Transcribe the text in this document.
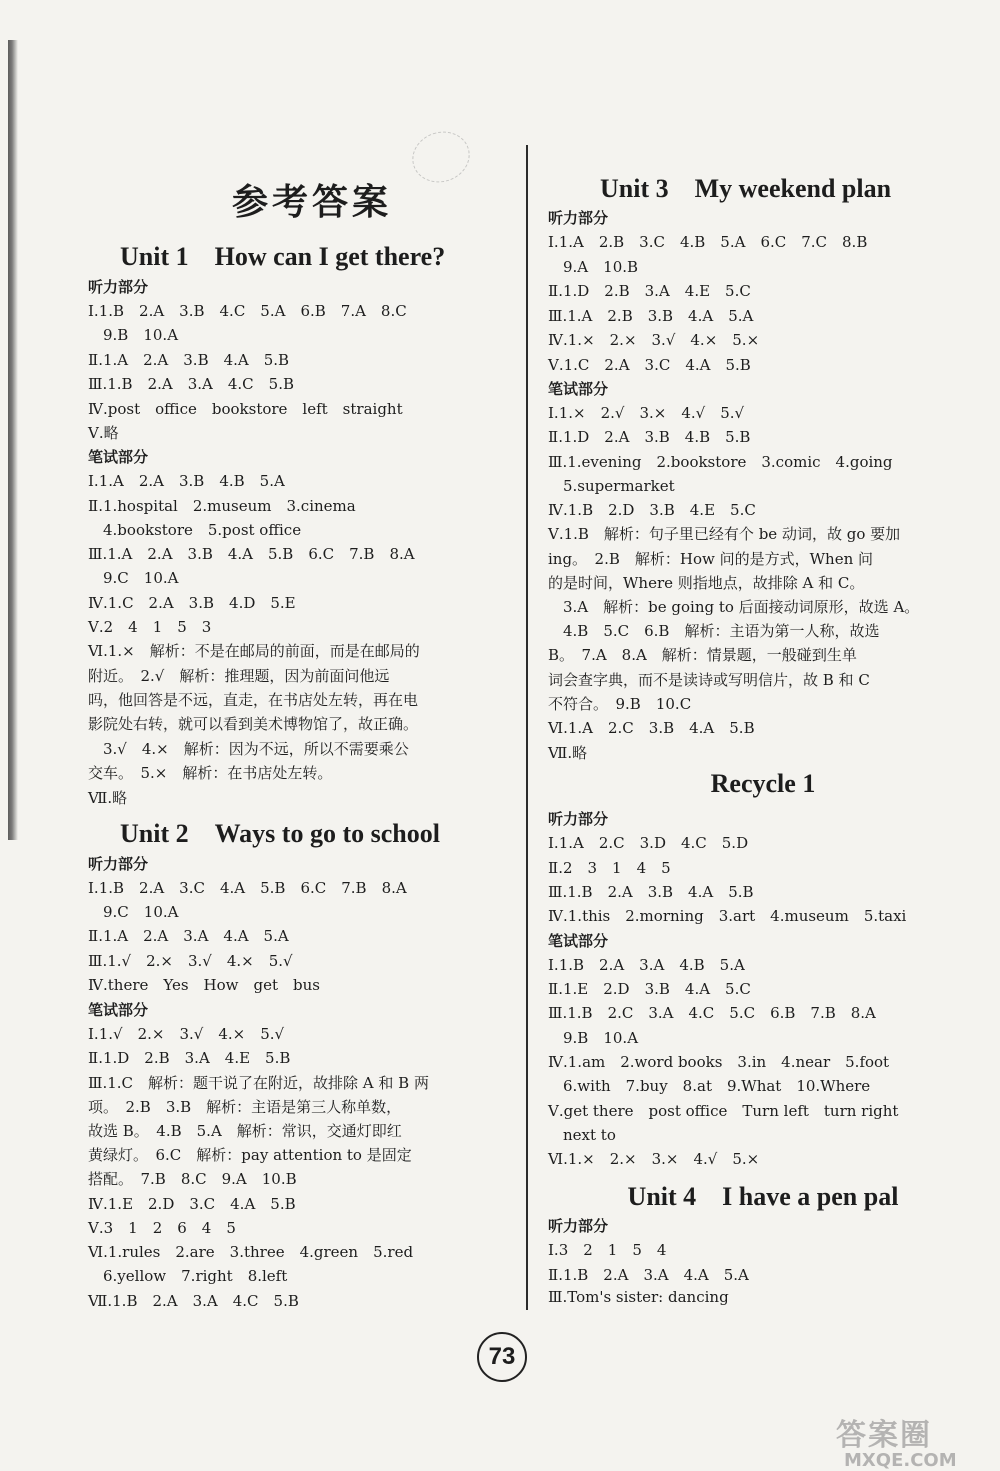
参考答案
Unit 1　How can I get there?
听力部分
Ⅰ.1.B　2.A　3.B　4.C　5.A　6.B　7.A　8.C
　9.B　10.A
Ⅱ.1.A　2.A　3.B　4.A　5.B
Ⅲ.1.B　2.A　3.A　4.C　5.B
Ⅳ.post　office　bookstore　left　straight
Ⅴ.略
笔试部分
Ⅰ.1.A　2.A　3.B　4.B　5.A
Ⅱ.1.hospital　2.museum　3.cinema
　4.bookstore　5.post office
Ⅲ.1.A　2.A　3.B　4.A　5.B　6.C　7.B　8.A
　9.C　10.A
Ⅳ.1.C　2.A　3.B　4.D　5.E
Ⅴ.2　4　1　5　3
Ⅵ.1.×　解析：不是在邮局的前面，而是在邮局的
附近。　2.√　解析：推理题，因为前面问他远
吗，他回答是不远，直走，在书店处左转，再在电
影院处右转，就可以看到美术博物馆了，故正确。
　3.√　4.×　解析：因为不远，所以不需要乘公
交车。　5.×　解析：在书店处左转。
Ⅶ.略
Unit 2　Ways to go to school
听力部分
Ⅰ.1.B　2.A　3.C　4.A　5.B　6.C　7.B　8.A
　9.C　10.A
Ⅱ.1.A　2.A　3.A　4.A　5.A
Ⅲ.1.√　2.×　3.√　4.×　5.√
Ⅳ.there　Yes　How　get　bus
笔试部分
Ⅰ.1.√　2.×　3.√　4.×　5.√
Ⅱ.1.D　2.B　3.A　4.E　5.B
Ⅲ.1.C　解析：题干说了在附近，故排除 A 和 B 两
项。　2.B　3.B　解析：主语是第三人称单数，
故选 B。　4.B　5.A　解析：常识，交通灯即红
黄绿灯。　6.C　解析：pay attention to 是固定
搭配。　7.B　8.C　9.A　10.B
Ⅳ.1.E　2.D　3.C　4.A　5.B
Ⅴ.3　1　2　6　4　5
Ⅵ.1.rules　2.are　3.three　4.green　5.red
　6.yellow　7.right　8.left
Ⅶ.1.B　2.A　3.A　4.C　5.B
Unit 3　My weekend plan
听力部分
Ⅰ.1.A　2.B　3.C　4.B　5.A　6.C　7.C　8.B
　9.A　10.B
Ⅱ.1.D　2.B　3.A　4.E　5.C
Ⅲ.1.A　2.B　3.B　4.A　5.A
Ⅳ.1.×　2.×　3.√　4.×　5.×
Ⅴ.1.C　2.A　3.C　4.A　5.B
笔试部分
Ⅰ.1.×　2.√　3.×　4.√　5.√
Ⅱ.1.D　2.A　3.B　4.B　5.B
Ⅲ.1.evening　2.bookstore　3.comic　4.going
　5.supermarket
Ⅳ.1.B　2.D　3.B　4.E　5.C
Ⅴ.1.B　解析：句子里已经有个 be 动词，故 go 要加
ing。　2.B　解析：How 问的是方式，When 问
的是时间，Where 则指地点，故排除 A 和 C。
　3.A　解析：be going to 后面接动词原形，故选 A。
　4.B　5.C　6.B　解析：主语为第一人称，故选
B。　7.A　8.A　解析：情景题，一般碰到生单
词会查字典，而不是读诗或写明信片，故 B 和 C
不符合。　9.B　10.C
Ⅵ.1.A　2.C　3.B　4.A　5.B
Ⅶ.略
Recycle 1
听力部分
Ⅰ.1.A　2.C　3.D　4.C　5.D
Ⅱ.2　3　1　4　5
Ⅲ.1.B　2.A　3.B　4.A　5.B
Ⅳ.1.this　2.morning　3.art　4.museum　5.taxi
笔试部分
Ⅰ.1.B　2.A　3.A　4.B　5.A
Ⅱ.1.E　2.D　3.B　4.A　5.C
Ⅲ.1.B　2.C　3.A　4.C　5.C　6.B　7.B　8.A
　9.B　10.A
Ⅳ.1.am　2.word books　3.in　4.near　5.foot
　6.with　7.buy　8.at　9.What　10.Where
Ⅴ.get there　post office　Turn left　turn right
　next to
Ⅵ.1.×　2.×　3.×　4.√　5.×
Unit 4　I have a pen pal
听力部分
Ⅰ.3　2　1　5　4
Ⅱ.1.B　2.A　3.A　4.A　5.A
Ⅲ.Tom's sister: dancing
73
答案圈
MXQE.COM
